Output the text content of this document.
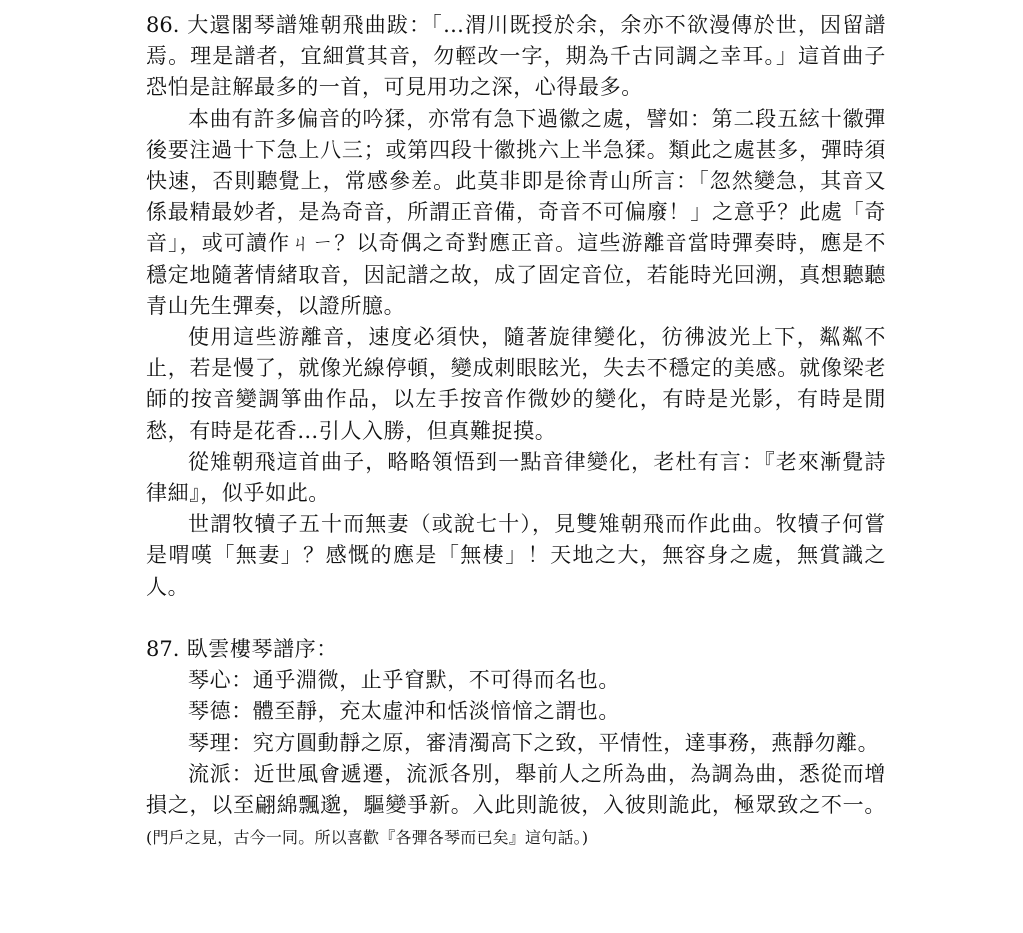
86. 大還閣琴譜雉朝飛曲跋：「…渭川既授於余，余亦不欲漫傳於世，因留譜焉。理是譜者，宜細賞其音，勿輕改一字，期為千古同調之幸耳。」這首曲子恐怕是註解最多的一首，可見用功之深，心得最多。

本曲有許多偏音的吟猱，亦常有急下過徽之處，譬如：第二段五絃十徽彈後要注過十下急上八三；或第四段十徽挑六上半急猱。類此之處甚多，彈時須快速，否則聽覺上，常感參差。此莫非即是徐青山所言：「忽然變急，其音又係最精最妙者，是為奇音，所謂正音備，奇音不可偏廢！」之意乎？此處「奇音」，或可讀作ㄐㄧ？以奇偶之奇對應正音。這些游離音當時彈奏時，應是不穩定地隨著情緒取音，因記譜之故，成了固定音位，若能時光回溯，真想聽聽青山先生彈奏，以證所臆。

使用這些游離音，速度必須快，隨著旋律變化，彷彿波光上下，粼粼不止，若是慢了，就像光線停頓，變成刺眼眩光，失去不穩定的美感。就像梁老師的按音變調箏曲作品，以左手按音作微妙的變化，有時是光影，有時是閒愁，有時是花香…引人入勝，但真難捉摸。

從雉朝飛這首曲子，略略領悟到一點音律變化，老杜有言：『老來漸覺詩律細』，似乎如此。

世謂牧犢子五十而無妻（或說七十），見雙雉朝飛而作此曲。牧犢子何嘗是喟嘆「無妻」？感慨的應是「無棲」！天地之大，無容身之處，無賞識之人。

87. 臥雲樓琴譜序：

琴心：通乎淵微，止乎窅默，不可得而名也。

琴德：體至靜，充太虛沖和恬淡愔愔之謂也。

琴理：究方圓動靜之原，審清濁高下之致，平情性，達事務，燕靜勿離。

流派：近世風會遞遷，流派各別，舉前人之所為曲，為調為曲，悉從而增損之，以至翩綿飄邈，驅變爭新。入此則詭彼，入彼則詭此，極眾致之不一。(門戶之見，古今一同。所以喜歡『各彈各琴而已矣』這句話。)
